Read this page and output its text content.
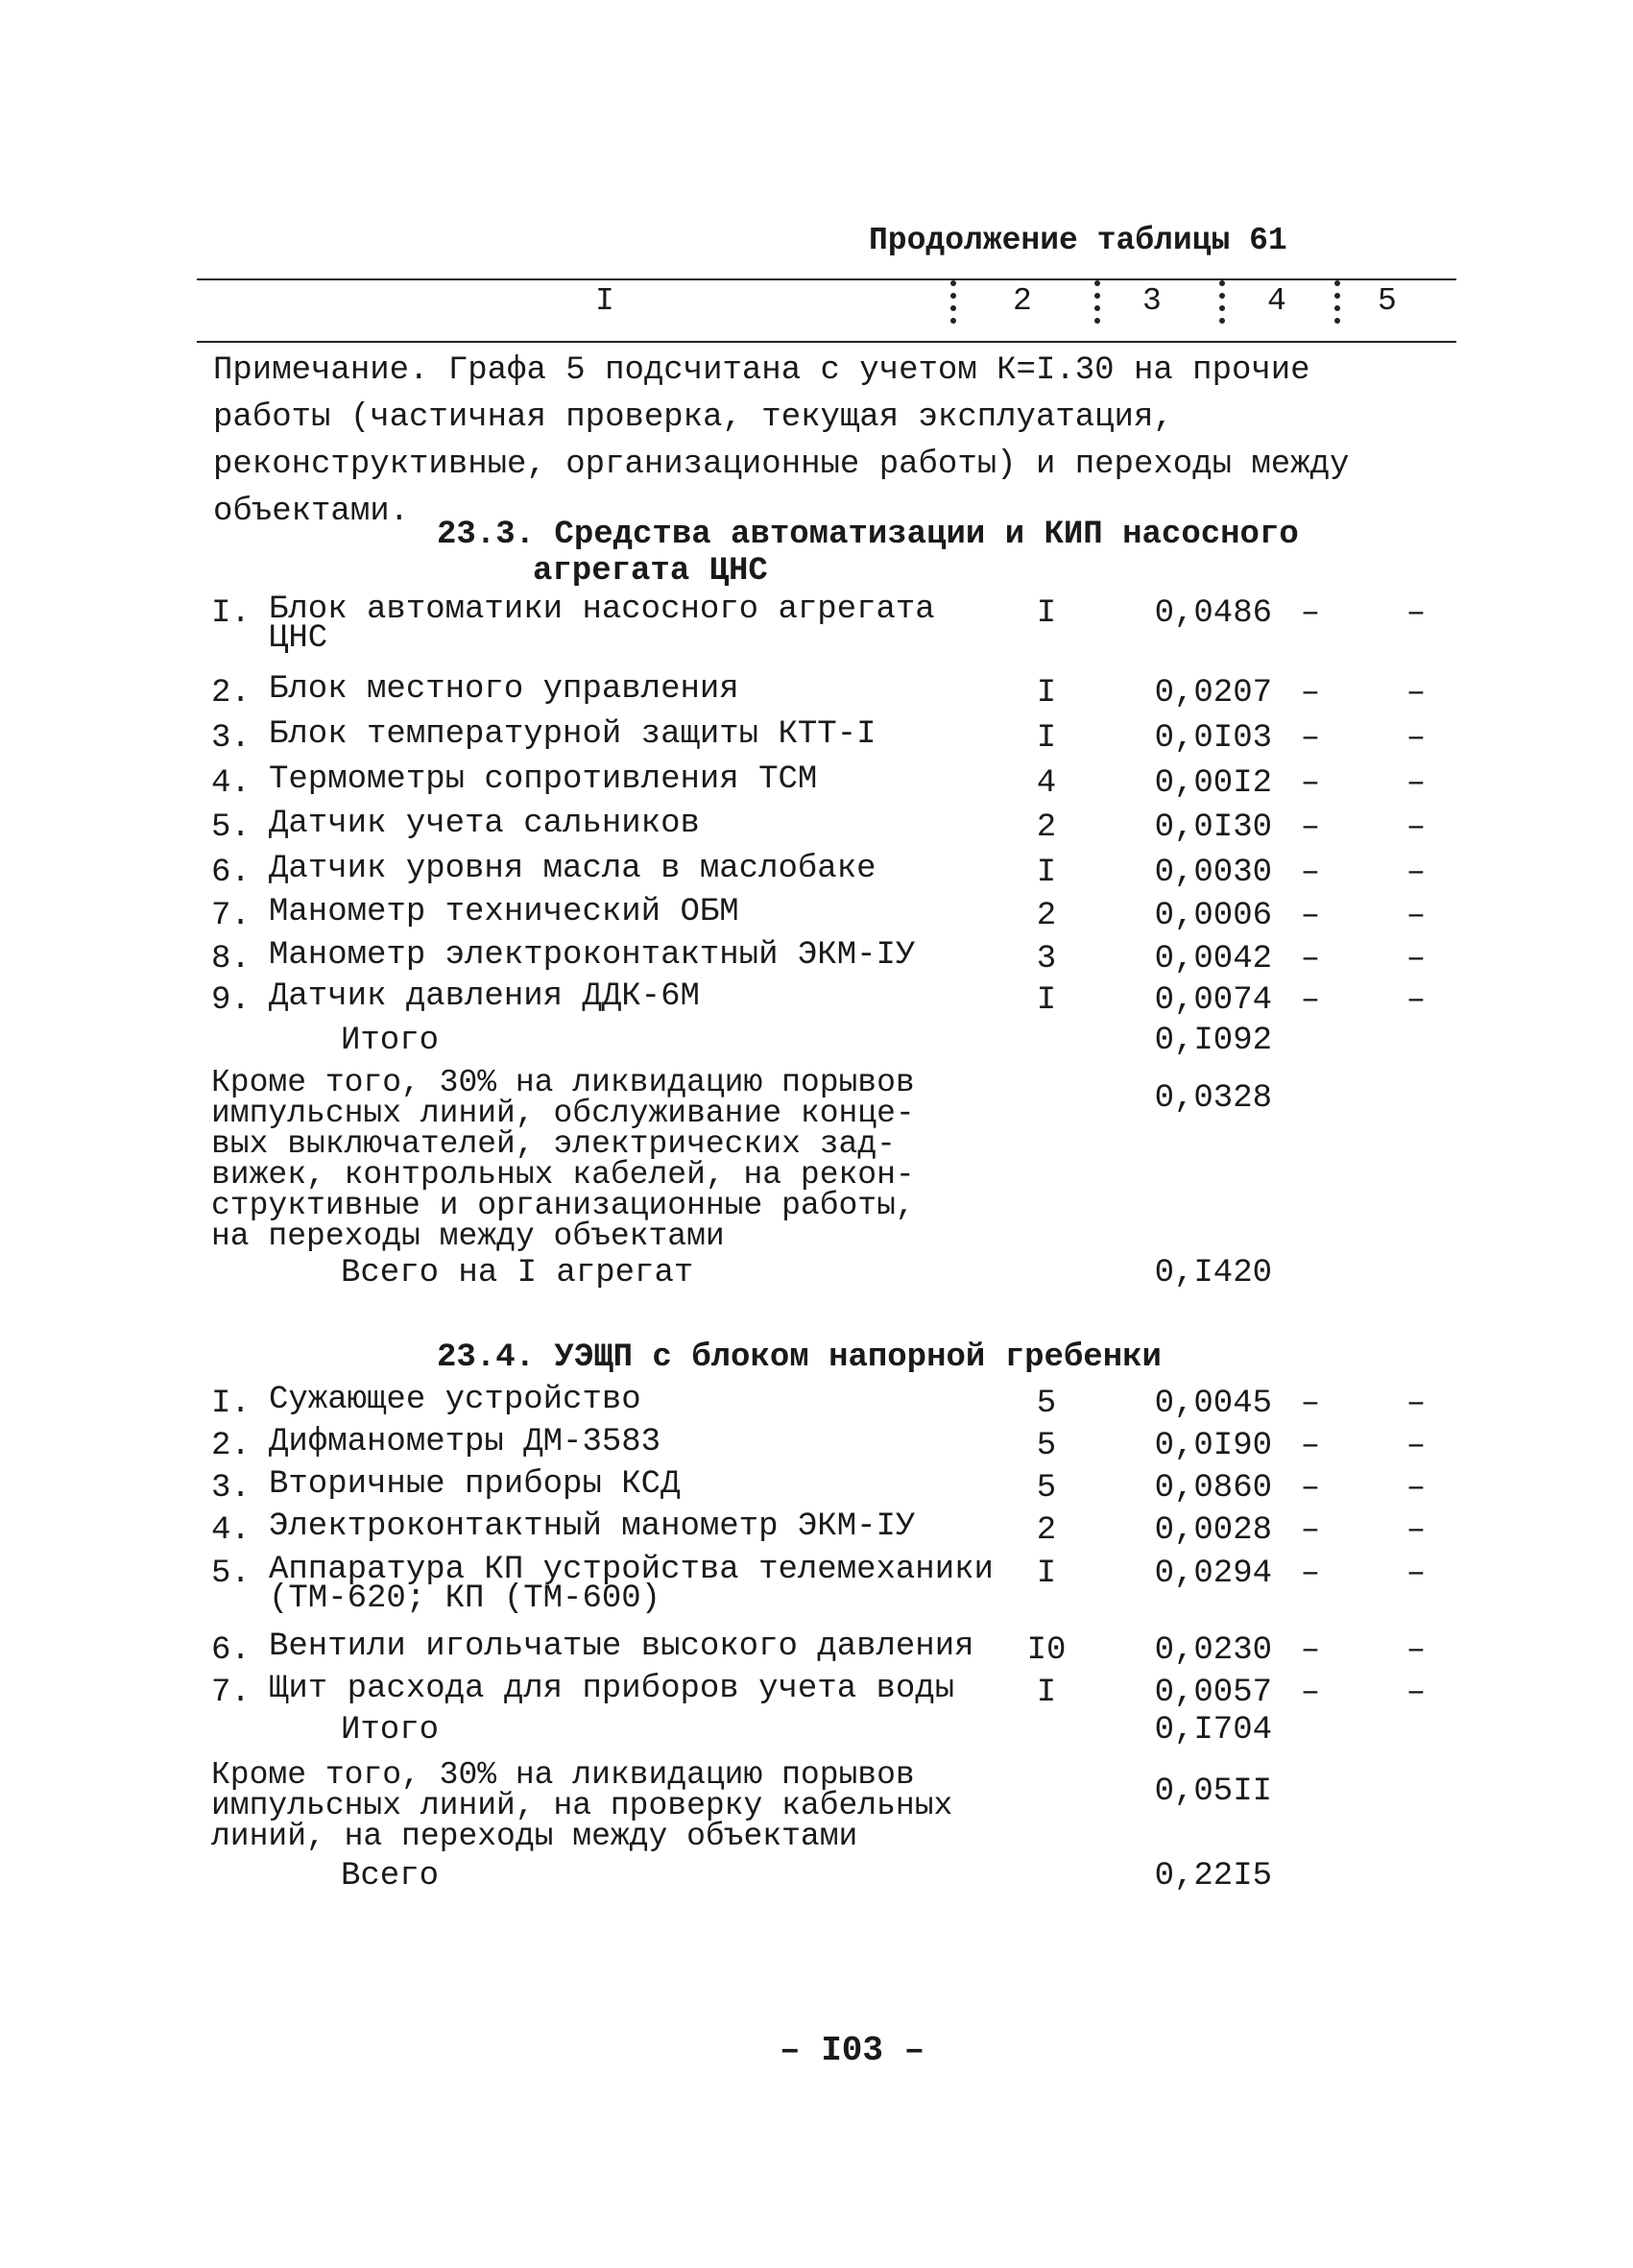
Продолжение таблицы 61
I	2	3	4	5
Примечание. Графа 5 подсчитана с учетом К=I.30 на прочие работы (частичная проверка, текущая эксплуатация, реконструктивные, организационные работы) и переходы между объектами.
23.3. Средства автоматизации и КИП насосного
агрегата ЦНС
I. Блок автоматики насосного агрегата
ЦНС
I	0,0486 –	–
2. Блок местного управления	I	0,0207 –	–
3. Блок температурной защиты КТТ-I	I	0,0I03 –	–
4. Термометры сопротивления ТСМ	4	0,00I2 –	–
5. Датчик учета сальников	2	0,0I30 –	–
6. Датчик уровня масла в маслобаке	I	0,0030 –	–
7. Манометр технический ОБМ	2	0,0006 –	–
8. Манометр электроконтактный ЭКМ-IУ	3	0,0042 –	–
9. Датчик давления ДДК-6М	I	0,0074 –	–
Итого	0,I092
Кроме того, 30% на ликвидацию порывов
импульсных линий, обслуживание конце-
вых выключателей, электрических зад-
вижек, контрольных кабелей, на рекон-
структивные и организационные работы,
на переходы между объектами
0,0328
Всего на I агрегат	0,I420
23.4. УЭЩП с блоком напорной гребенки
I. Сужающее устройство	5	0,0045 –	–
2. Дифманометры ДМ-3583	5	0,0I90 –	–
3. Вторичные приборы КСД	5	0,0860 –	–
4. Электроконтактный манометр ЭКМ-IУ	2	0,0028 –	–
5. Аппаратура КП устройства телемеханики
(ТМ-620; КП (ТМ-600)
I	0,0294 –	–
6. Вентили игольчатые высокого давления	I0	0,0230 –	–
7. Щит расхода для приборов учета воды	I	0,0057 –	–
Итого	0,I704
Кроме того, 30% на ликвидацию порывов
импульсных линий, на проверку кабельных
линий, на переходы между объектами
0,05II
Всего	0,22I5
– I03 –
